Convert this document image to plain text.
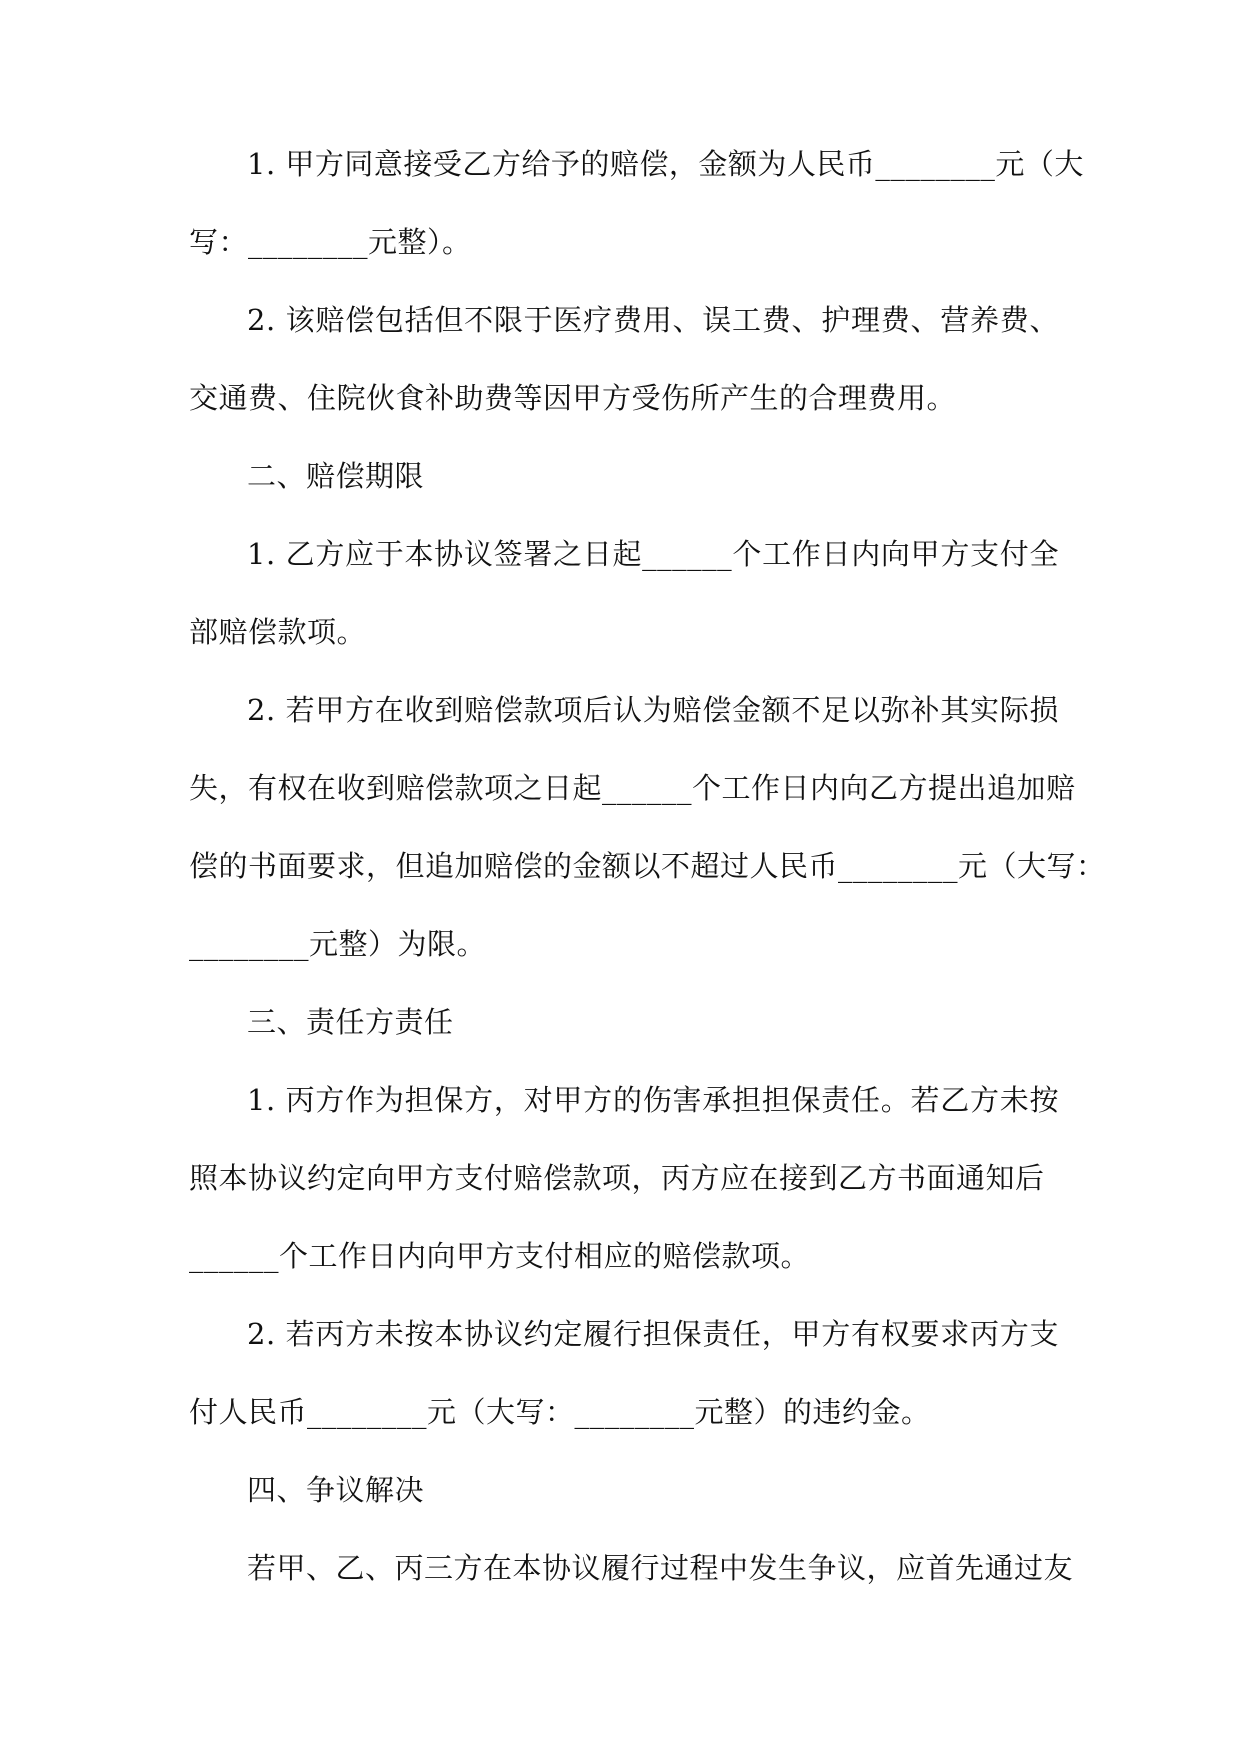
1. 甲方同意接受乙方给予的赔偿，金额为人民币________元（大
写：________元整）。
2. 该赔偿包括但不限于医疗费用、误工费、护理费、营养费、
交通费、住院伙食补助费等因甲方受伤所产生的合理费用。
二、赔偿期限
1. 乙方应于本协议签署之日起______个工作日内向甲方支付全
部赔偿款项。
2. 若甲方在收到赔偿款项后认为赔偿金额不足以弥补其实际损
失，有权在收到赔偿款项之日起______个工作日内向乙方提出追加赔
偿的书面要求，但追加赔偿的金额以不超过人民币________元（大写：
________元整）为限。
三、责任方责任
1. 丙方作为担保方，对甲方的伤害承担担保责任。若乙方未按
照本协议约定向甲方支付赔偿款项，丙方应在接到乙方书面通知后
______个工作日内向甲方支付相应的赔偿款项。
2. 若丙方未按本协议约定履行担保责任，甲方有权要求丙方支
付人民币________元（大写：________元整）的违约金。
四、争议解决
若甲、乙、丙三方在本协议履行过程中发生争议，应首先通过友
